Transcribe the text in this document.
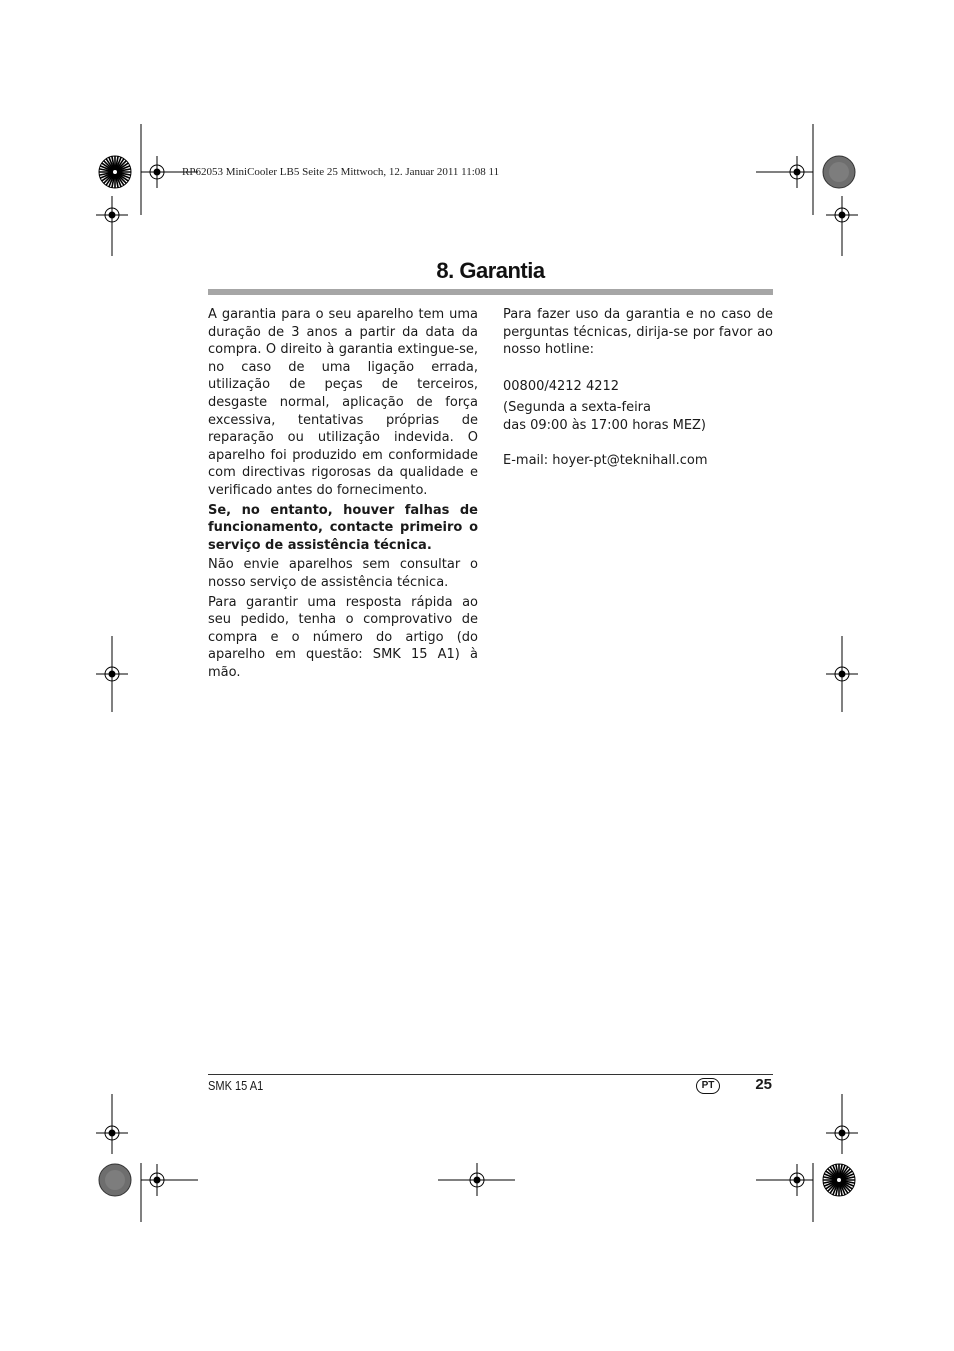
RP62053 MiniCooler LB5 Seite 25 Mittwoch, 12. Januar 2011 11:08 11
8. Garantia

A garantia para o seu aparelho tem uma duração de 3 anos a partir da data da compra. O direito à garantia extingue-se, no caso de uma ligação errada, utilização de peças de terceiros, desgaste normal, aplicação de força excessiva, tentativas próprias de reparação ou utilização indevida. O aparelho foi produzido em conformidade com directivas rigorosas da qualidade e verificado antes do fornecimento.

Se, no entanto, houver falhas de funcionamento, contacte primeiro o serviço de assistência técnica.

Não envie aparelhos sem consultar o nosso serviço de assistência técnica.

Para garantir uma resposta rápida ao seu pedido, tenha o comprovativo de compra e o número do artigo (do aparelho em questão: SMK 15 A1) à mão.

Para fazer uso da garantia e no caso de perguntas técnicas, dirija-se por favor ao nosso hotline:

00800/4212 4212

(Segunda a sexta-feira

das 09:00 às 17:00 horas MEZ)

E-mail: hoyer-pt@teknihall.com

SMK 15 A1	PT	25
